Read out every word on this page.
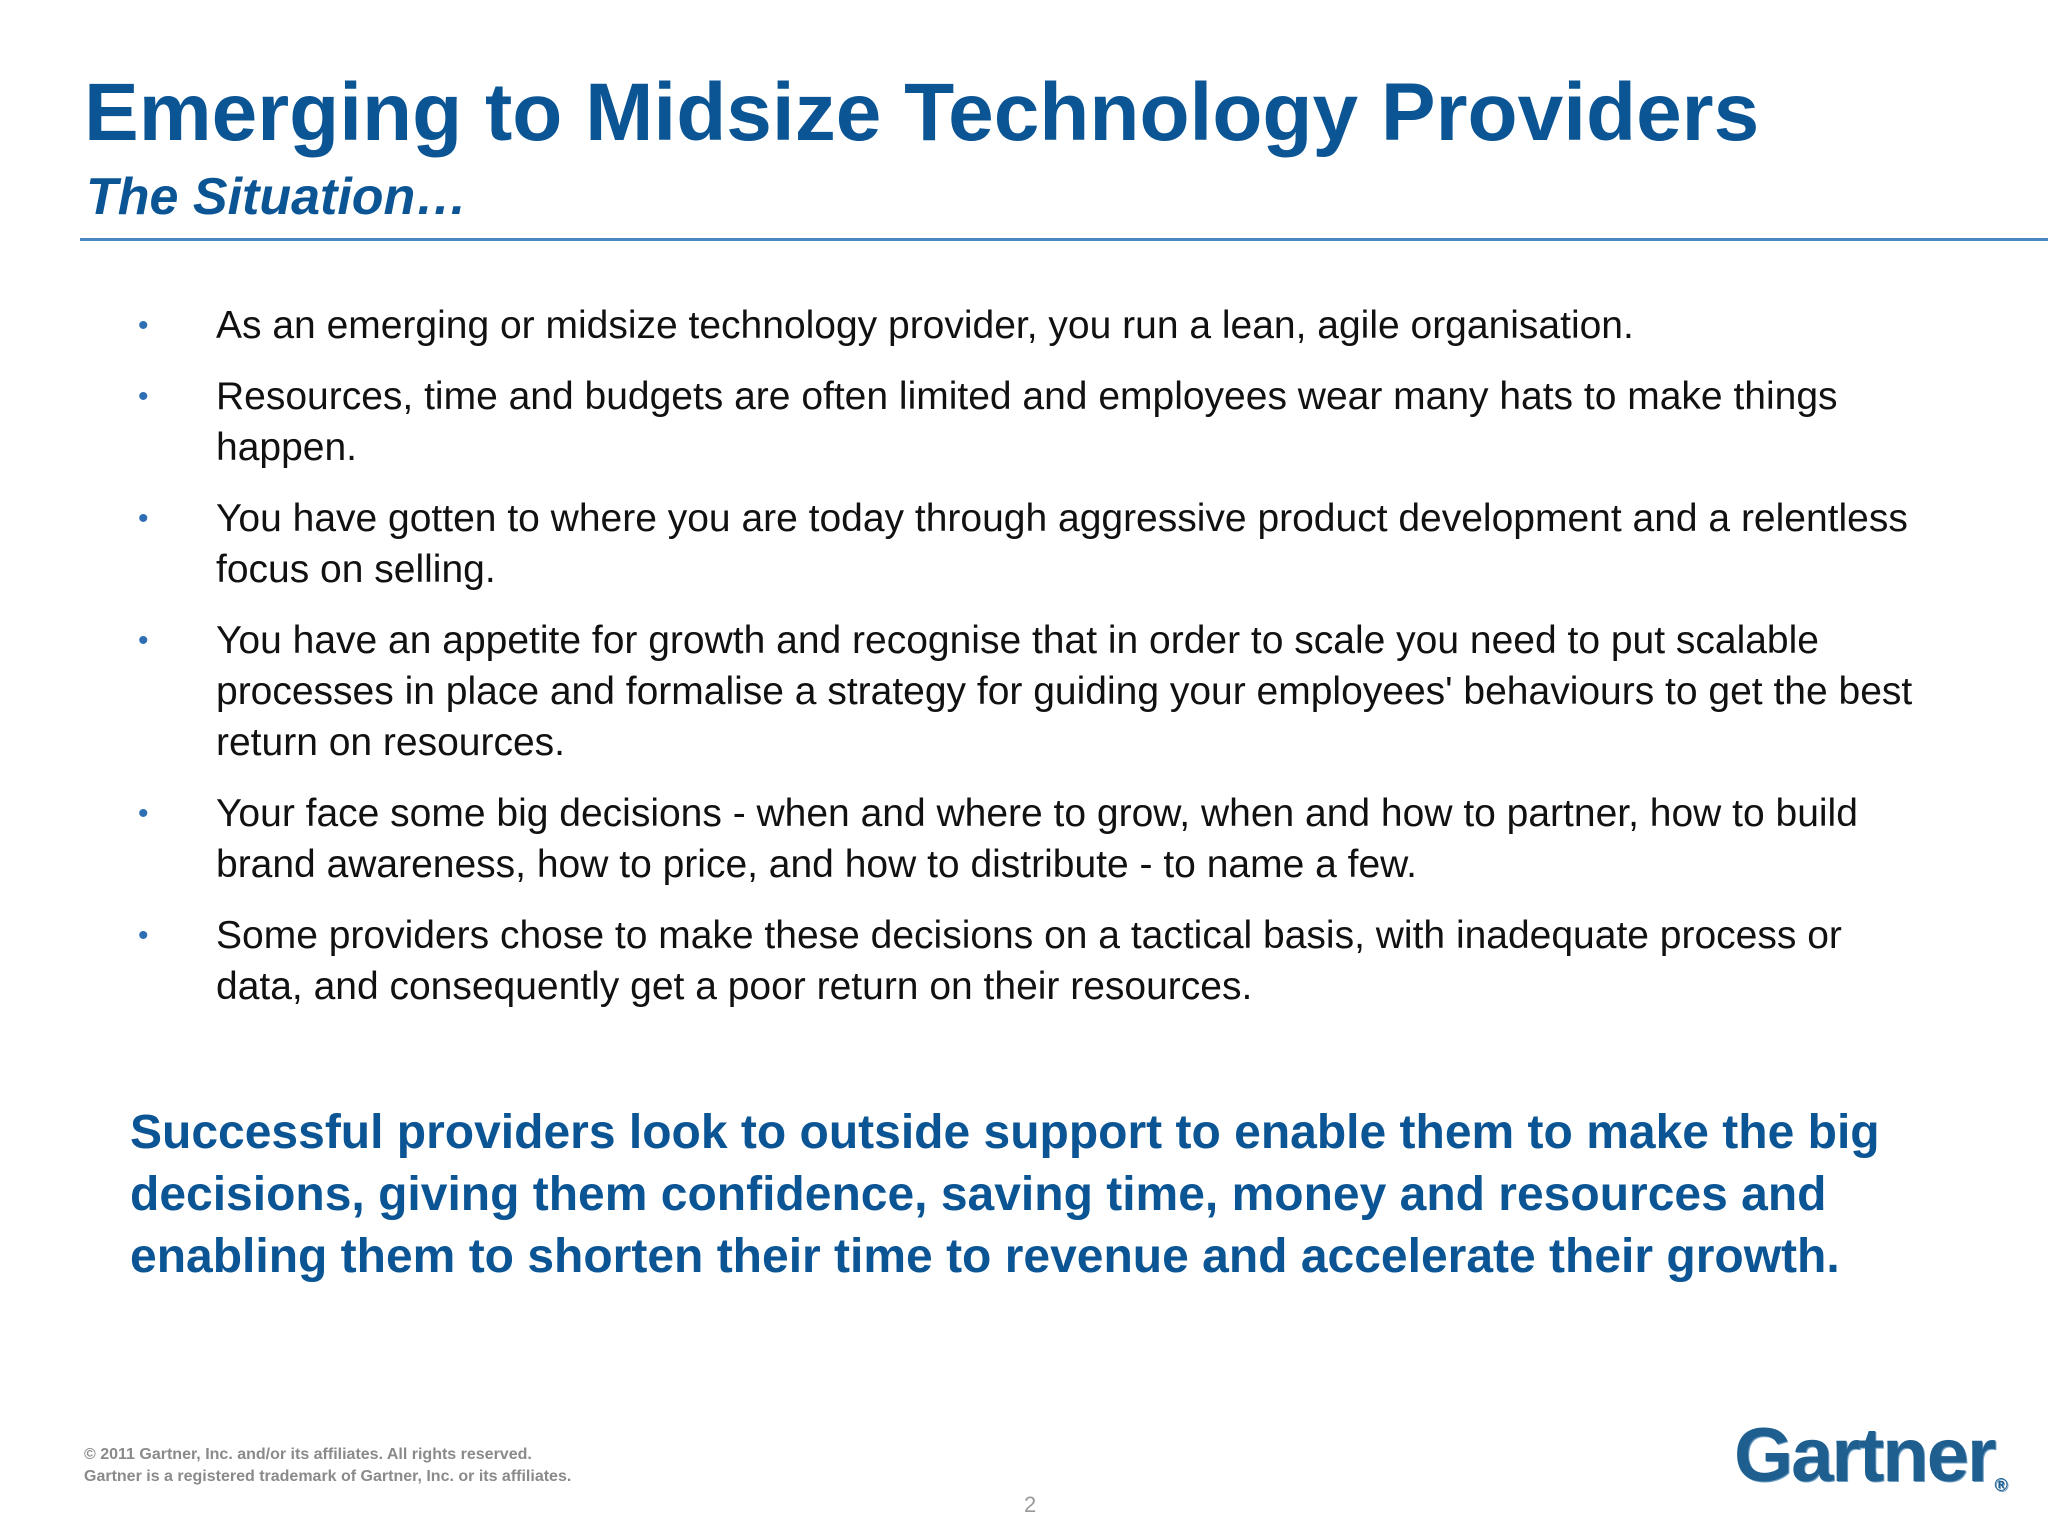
Emerging to Midsize Technology Providers
The Situation…
• As an emerging or midsize technology provider, you run a lean, agile organisation.
• Resources, time and budgets are often limited and employees wear many hats to make things happen.
• You have gotten to where you are today through aggressive product development and a relentless focus on selling.
• You have an appetite for growth and recognise that in order to scale you need to put scalable processes in place and formalise a strategy for guiding your employees' behaviours to get the best return on resources.
• Your face some big decisions - when and where to grow, when and how to partner, how to build brand awareness, how to price, and how to distribute - to name a few.
• Some providers chose to make these decisions on a tactical basis, with inadequate process or data, and consequently get a poor return on their resources.

Successful providers look to outside support to enable them to make the big decisions, giving them confidence, saving time, money and resources and enabling them to shorten their time to revenue and accelerate their growth.

© 2011 Gartner, Inc. and/or its affiliates. All rights reserved.
Gartner is a registered trademark of Gartner, Inc. or its affiliates.
2
Gartner®
